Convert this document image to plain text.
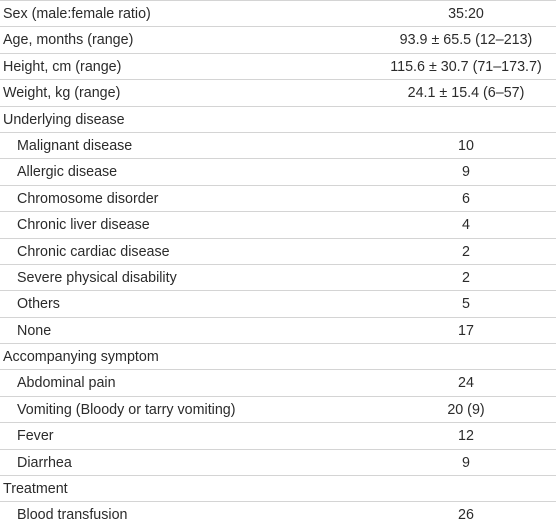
Sex (male:female ratio)	35:20
Age, months (range)	93.9 ± 65.5 (12–213)
Height, cm (range)	115.6 ± 30.7 (71–173.7)
Weight, kg (range)	24.1 ± 15.4 (6–57)
Underlying disease
Malignant disease	10
Allergic disease	9
Chromosome disorder	6
Chronic liver disease	4
Chronic cardiac disease	2
Severe physical disability	2
Others	5
None	17
Accompanying symptom
Abdominal pain	24
Vomiting (Bloody or tarry vomiting)	20 (9)
Fever	12
Diarrhea	9
Treatment
Blood transfusion	26
